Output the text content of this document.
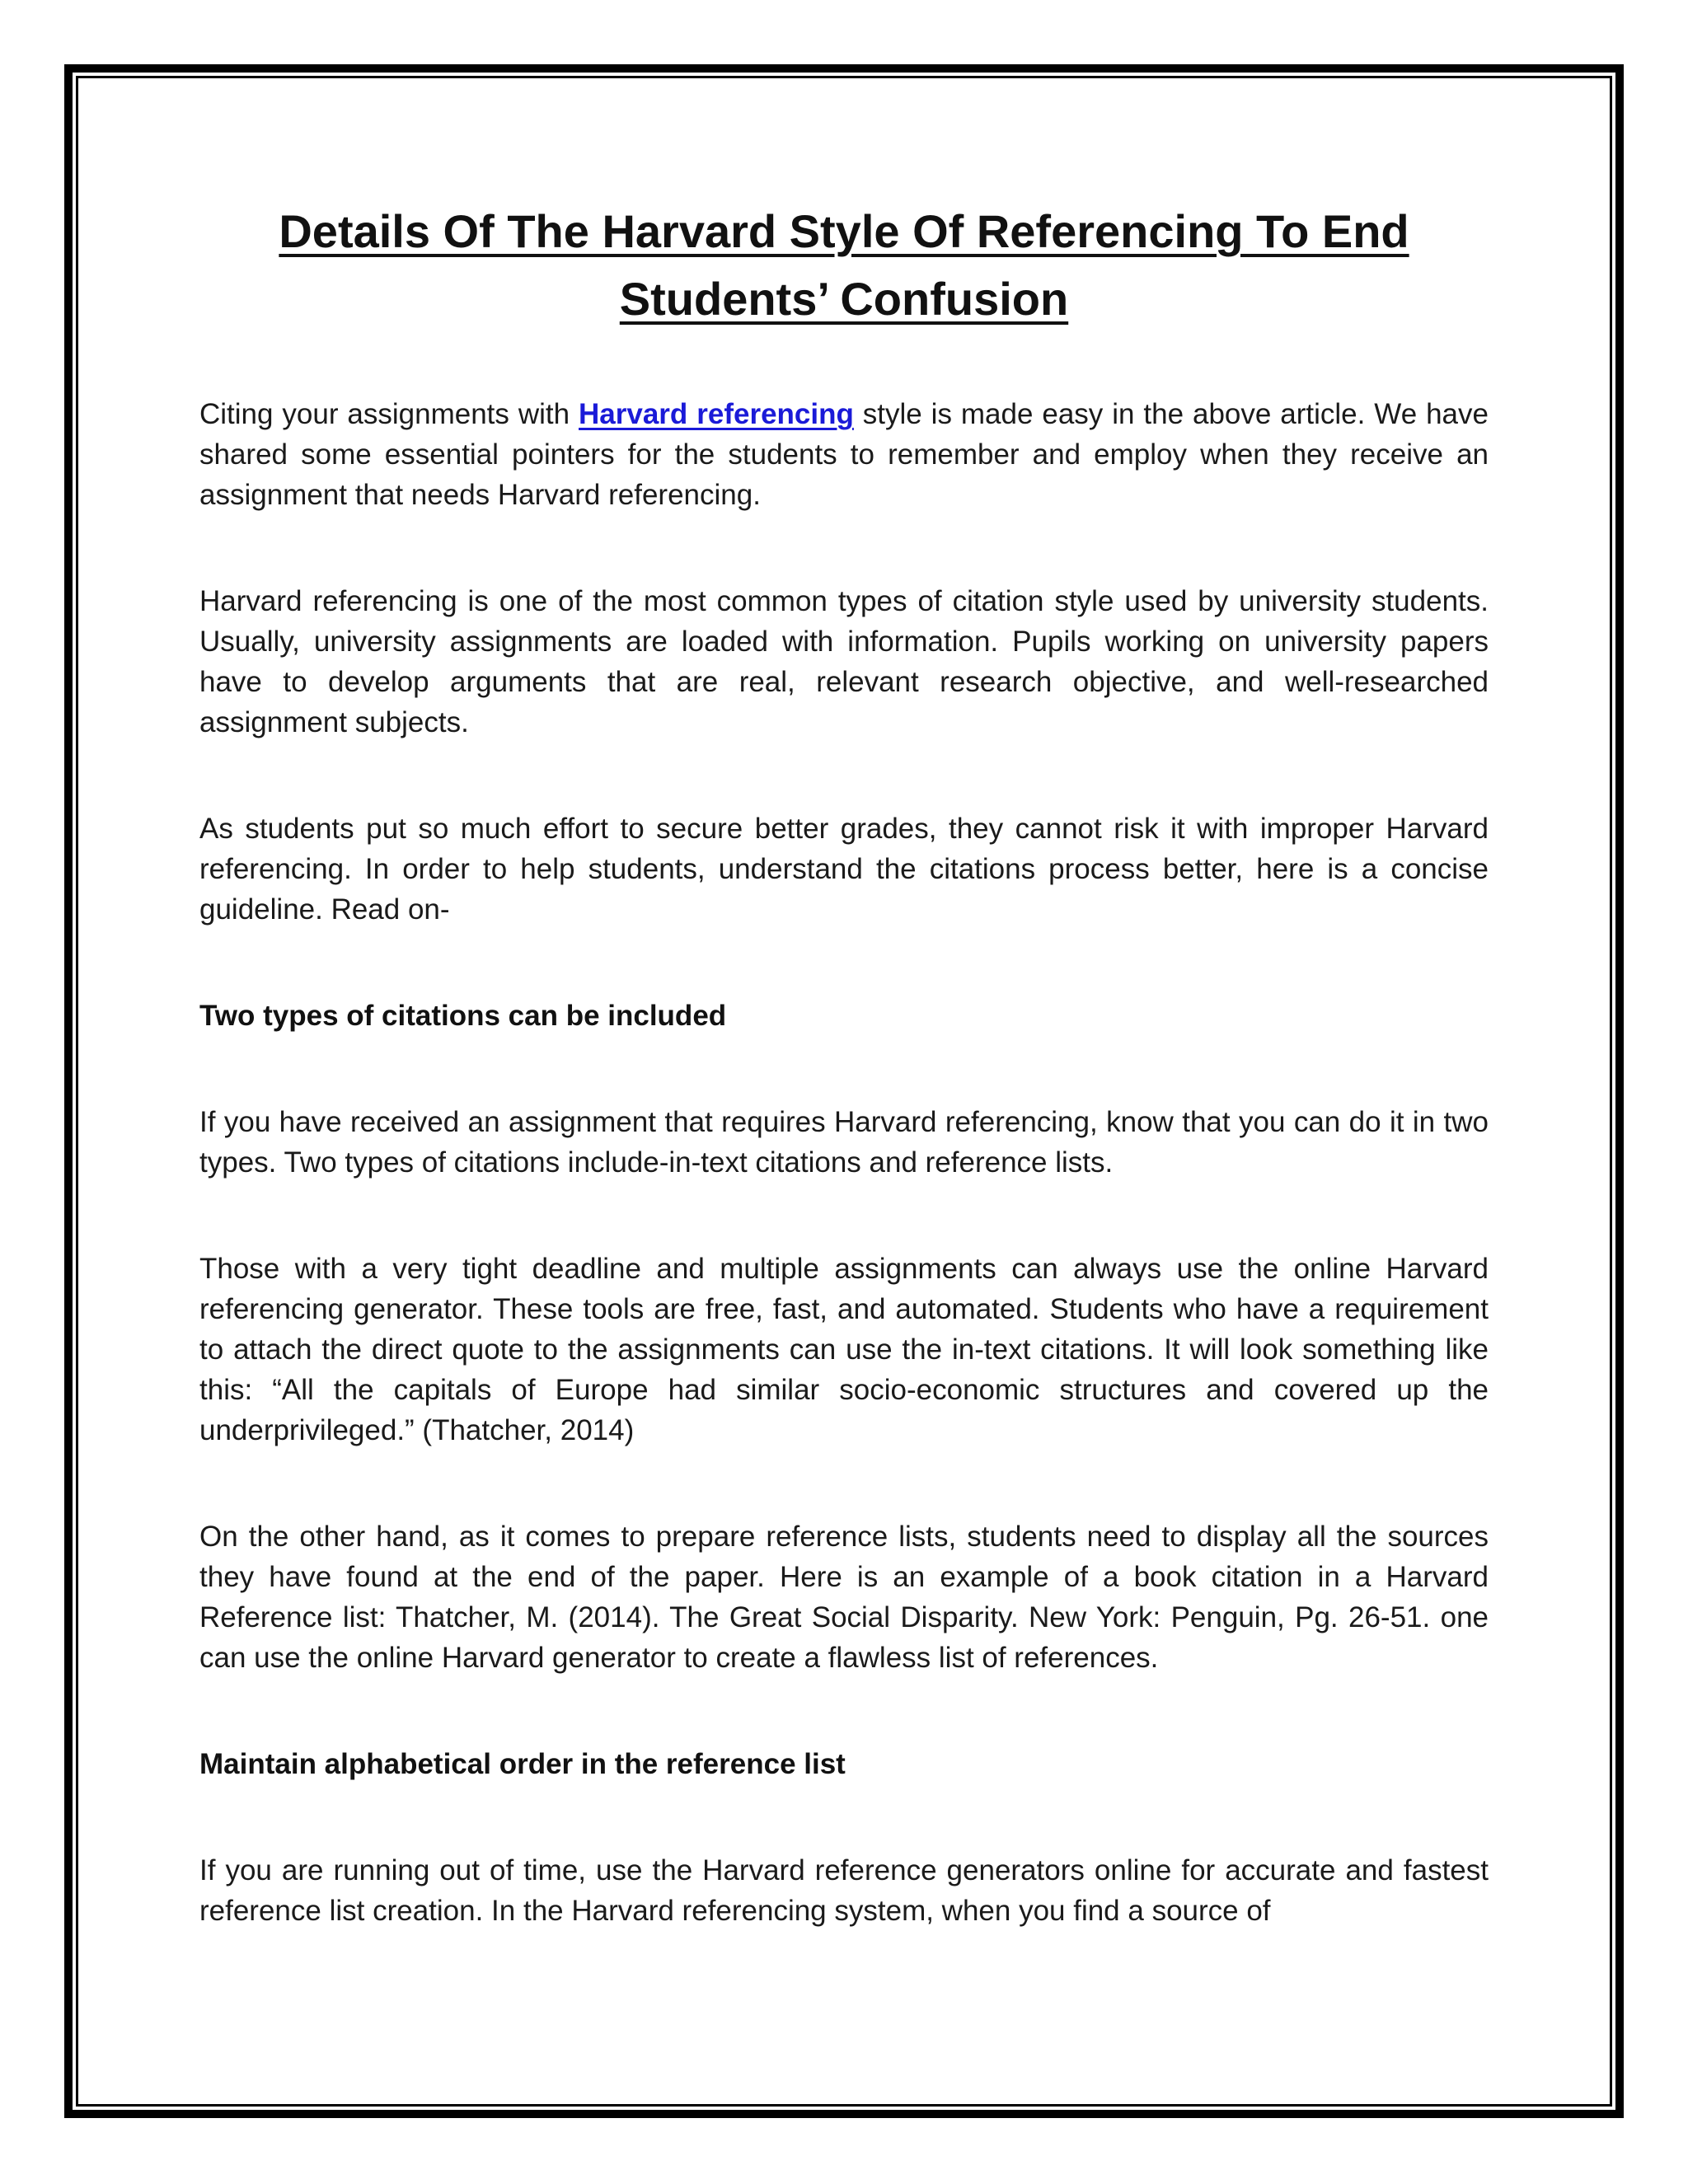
Details Of The Harvard Style Of Referencing To End
Students’ Confusion

Citing your assignments with Harvard referencing style is made easy in the above article. We have shared some essential pointers for the students to remember and employ when they receive an assignment that needs Harvard referencing.

Harvard referencing is one of the most common types of citation style used by university students. Usually, university assignments are loaded with information. Pupils working on university papers have to develop arguments that are real, relevant research objective, and well-researched assignment subjects.

As students put so much effort to secure better grades, they cannot risk it with improper Harvard referencing. In order to help students, understand the citations process better, here is a concise guideline. Read on-

Two types of citations can be included

If you have received an assignment that requires Harvard referencing, know that you can do it in two types. Two types of citations include-in-text citations and reference lists.

Those with a very tight deadline and multiple assignments can always use the online Harvard referencing generator. These tools are free, fast, and automated. Students who have a requirement to attach the direct quote to the assignments can use the in-text citations. It will look something like this: “All the capitals of Europe had similar socio-economic structures and covered up the underprivileged.” (Thatcher, 2014)

On the other hand, as it comes to prepare reference lists, students need to display all the sources they have found at the end of the paper. Here is an example of a book citation in a Harvard Reference list: Thatcher, M. (2014). The Great Social Disparity. New York: Penguin, Pg. 26-51. one can use the online Harvard generator to create a flawless list of references.

Maintain alphabetical order in the reference list

If you are running out of time, use the Harvard reference generators online for accurate and fastest reference list creation. In the Harvard referencing system, when you find a source of
